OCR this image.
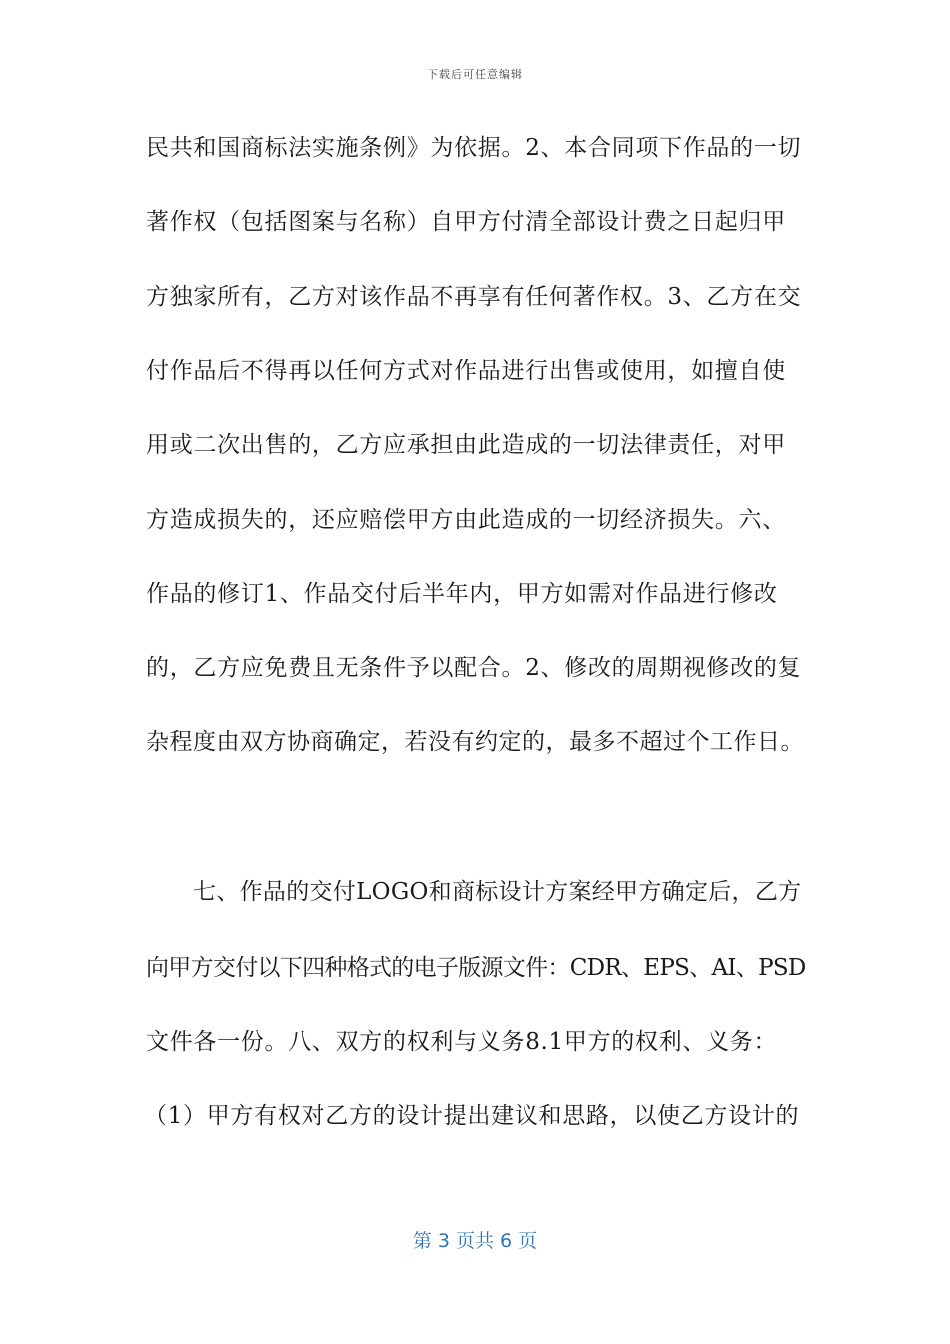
下载后可任意编辑
民共和国商标法实施条例》为依据。2、本合同项下作品的一切
著作权（包括图案与名称）自甲方付清全部设计费之日起归甲
方独家所有，乙方对该作品不再享有任何著作权。3、乙方在交
付作品后不得再以任何方式对作品进行出售或使用，如擅自使
用或二次出售的，乙方应承担由此造成的一切法律责任，对甲
方造成损失的，还应赔偿甲方由此造成的一切经济损失。六、
作品的修订1、作品交付后半年内，甲方如需对作品进行修改
的，乙方应免费且无条件予以配合。2、修改的周期视修改的复
杂程度由双方协商确定，若没有约定的，最多不超过个工作日。
七、作品的交付LOGO和商标设计方案经甲方确定后，乙方
向甲方交付以下四种格式的电子版源文件：CDR、EPS、AI、PSD
文件各一份。八、双方的权利与义务8.1甲方的权利、义务：
（1）甲方有权对乙方的设计提出建议和思路，以使乙方设计的
第 3 页共 6 页
